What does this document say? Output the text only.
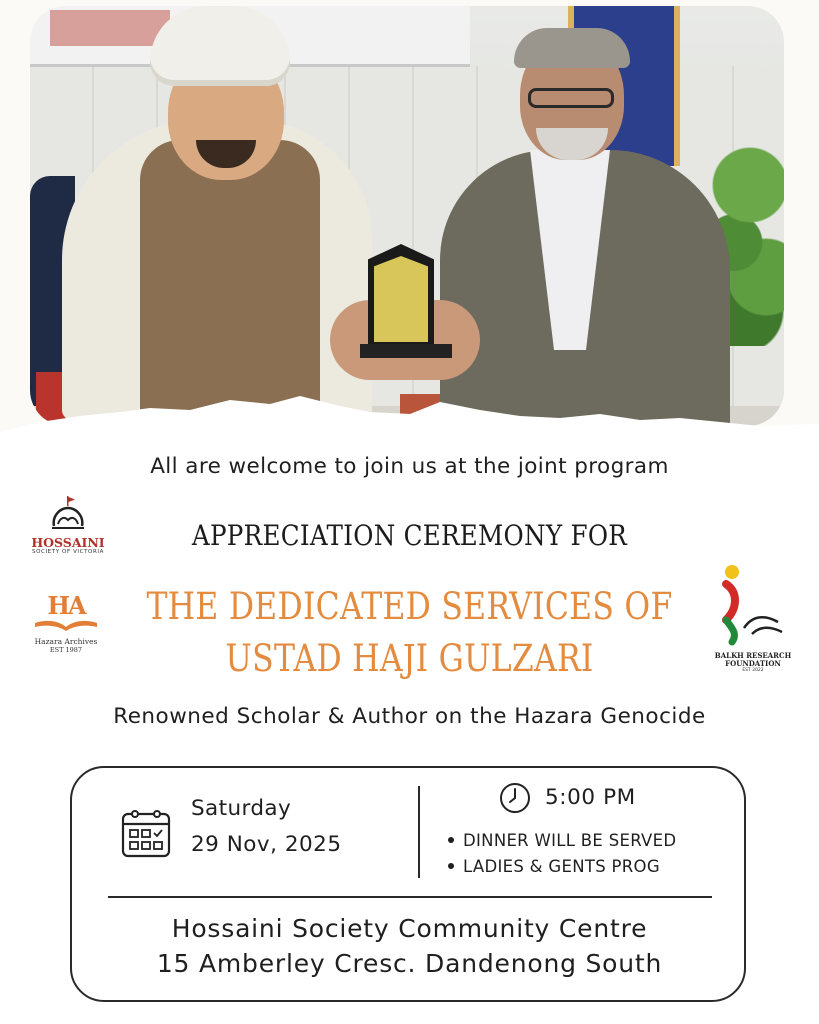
All are welcome to join us at the joint program
APPRECIATION CEREMONY FOR
THE DEDICATED SERVICES OF
USTAD HAJI GULZARI
Renowned Scholar & Author on the Hazara Genocide
HOSSAINI
SOCIETY OF VICTORIA
HA
Hazara Archives
EST 1987
BALKH RESEARCH FOUNDATION
EST 2022
Saturday
29 Nov, 2025
5:00 PM
DINNER WILL BE SERVED
LADIES & GENTS PROG
Hossaini Society Community Centre
15 Amberley Cresc. Dandenong South
